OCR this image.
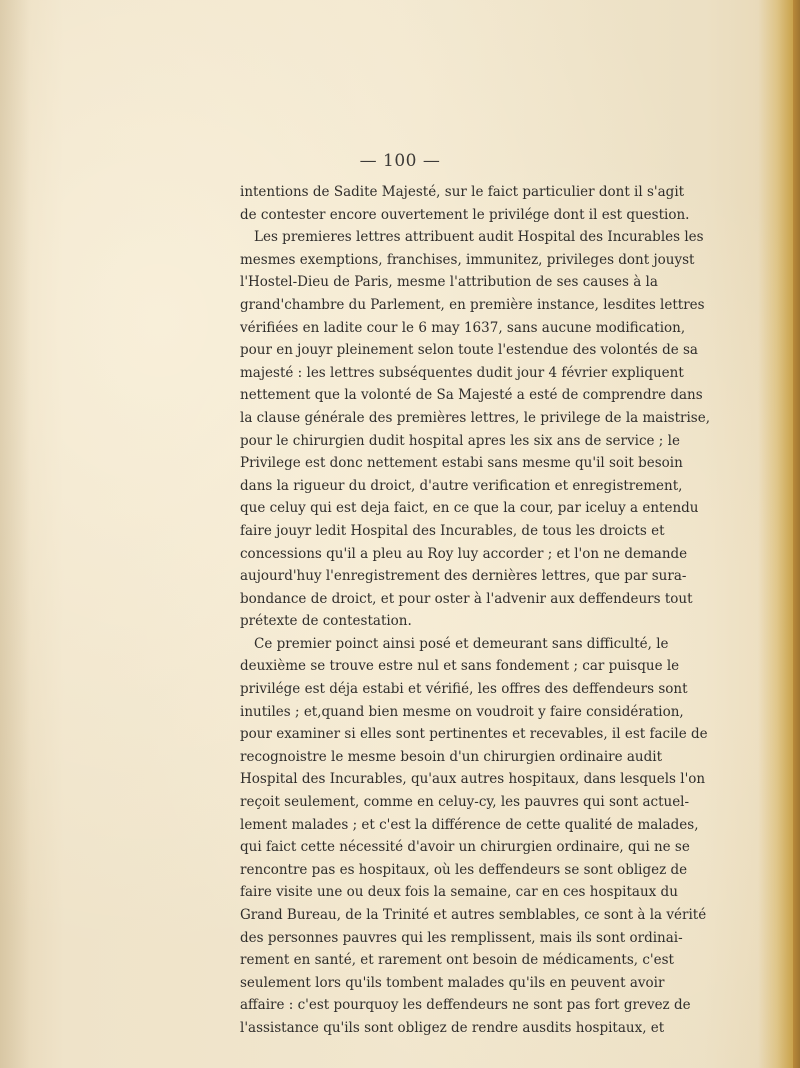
— 100 —
intentions de Sadite Majesté, sur le faict particulier dont il s'agit
de contester encore ouvertement le privilége dont il est question.
Les premieres lettres attribuent audit Hospital des Incurables les
mesmes exemptions, franchises, immunitez, privileges dont jouyst
l'Hostel-Dieu de Paris, mesme l'attribution de ses causes à la
grand'chambre du Parlement, en première instance, lesdites lettres
vérifiées en ladite cour le 6 may 1637, sans aucune modification,
pour en jouyr pleinement selon toute l'estendue des volontés de sa
majesté : les lettres subséquentes dudit jour 4 février expliquent
nettement que la volonté de Sa Majesté a esté de comprendre dans
la clause générale des premières lettres, le privilege de la maistrise,
pour le chirurgien dudit hospital apres les six ans de service ; le
Privilege est donc nettement estabi sans mesme qu'il soit besoin
dans la rigueur du droict, d'autre verification et enregistrement,
que celuy qui est deja faict, en ce que la cour, par iceluy a entendu
faire jouyr ledit Hospital des Incurables, de tous les droicts et
concessions qu'il a pleu au Roy luy accorder ; et l'on ne demande
aujourd'huy l'enregistrement des dernières lettres, que par sura-
bondance de droict, et pour oster à l'advenir aux deffendeurs tout
prétexte de contestation.
Ce premier poinct ainsi posé et demeurant sans difficulté, le
deuxième se trouve estre nul et sans fondement ; car puisque le
privilége est déja estabi et vérifié, les offres des deffendeurs sont
inutiles ; et,quand bien mesme on voudroit y faire considération,
pour examiner si elles sont pertinentes et recevables, il est facile de
recognoistre le mesme besoin d'un chirurgien ordinaire audit
Hospital des Incurables, qu'aux autres hospitaux, dans lesquels l'on
reçoit seulement, comme en celuy-cy, les pauvres qui sont actuel-
lement malades ; et c'est la différence de cette qualité de malades,
qui faict cette nécessité d'avoir un chirurgien ordinaire, qui ne se
rencontre pas es hospitaux, où les deffendeurs se sont obligez de
faire visite une ou deux fois la semaine, car en ces hospitaux du
Grand Bureau, de la Trinité et autres semblables, ce sont à la vérité
des personnes pauvres qui les remplissent, mais ils sont ordinai-
rement en santé, et rarement ont besoin de médicaments, c'est
seulement lors qu'ils tombent malades qu'ils en peuvent avoir
affaire : c'est pourquoy les deffendeurs ne sont pas fort grevez de
l'assistance qu'ils sont obligez de rendre ausdits hospitaux, et
